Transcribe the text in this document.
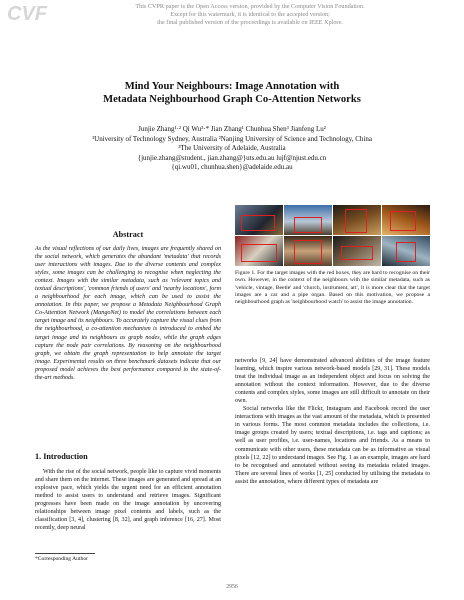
CVF	This CVPR paper is the Open Access version, provided by the Computer Vision Foundation.
Except for this watermark, it is identical to the accepted version;
the final published version of the proceedings is available on IEEE Xplore.
Mind Your Neighbours: Image Annotation with
Metadata Neighbourhood Graph Co-Attention Networks
Junjie Zhang¹·² Qi Wu³·* Jian Zhang¹ Chunhua Shen³ Jianfeng Lu²
¹University of Technology Sydney, Australia ²Nanjing University of Science and Technology, China
³The University of Adelaide, Australia
{junjie.zhang@student., jian.zhang@}uts.edu.au lujf@njust.edu.cn
{qi.wu01, chunhua.shen}@adelaide.edu.au
Abstract

As the visual reflections of our daily lives, images are frequently shared on the social network, which generates the abundant 'metadata' that records user interactions with images. Due to the diverse contents and complex styles, some images can be challenging to recognise when neglecting the context. Images with the similar metadata, such as 'relevant topics and textual descriptions', 'common friends of users' and 'nearby locations', form a neighbourhood for each image, which can be used to assist the annotation. In this paper, we propose a Metadata Neighbourhood Graph Co-Attention Network (MangoNet) to model the correlations between each target image and its neighbours. To accurately capture the visual clues from the neighbourhood, a co-attention mechanism is introduced to embed the target image and its neighbours as graph nodes, while the graph edges capture the node pair correlations. By reasoning on the neighbourhood graph, we obtain the graph representation to help annotate the target image. Experimental results on three benchmark datasets indicate that our proposed model achieves the best performance compared to the state-of-the-art methods.

1. Introduction

With the rise of the social network, people like to capture vivid moments and share them on the internet. These images are generated and spread at an explosive pace, which yields the urgent need for an efficient annotation method to assist users to understand and retrieve images. Significant progresses have been made on the image annotation by uncovering relationships between image pixel contents and labels, such as the classification [3, 4], clustering [8, 32], and graph inference [16, 27]. Most recently, deep neural

*Corresponding Author
Figure 1. For the target images with the red boxes, they are hard to recognise on their own. However, in the context of the neighbours with the similar metadata, such as 'vehicle, vintage, Beetle' and 'church, instrument, art', it is more clear that the target images are a car and a pipe organ. Based on this motivation, we propose a neighbourhood graph as 'neighbourhood watch' to assist the image annotation.

networks [9, 24] have demonstrated advanced abilities of the image feature learning, which inspire various network-based models [29, 31]. These models treat the individual image as an independent object and focus on solving the annotation without the context information. However, due to the diverse contents and complex styles, some images are still difficult to annotate on their own.

Social networks like the Flickr, Instagram and Facebook record the user interactions with images as the vast amount of the metadata, which is presented in various forms. The most common metadata includes the collections, i.e. image groups created by users; textual descriptions, i.e. tags and captions; as well as user profiles, i.e. user-names, locations and friends. As a means to communicate with other users, these metadata can be as informative as visual pixels [12, 22] to understand images. See Fig. 1 as an example, images are hard to be recognised and annotated without seeing its metadata related images. There are several lines of works [1, 25] conducted by utilising the metadata to assist the annotation, where different types of metadata are

2956
